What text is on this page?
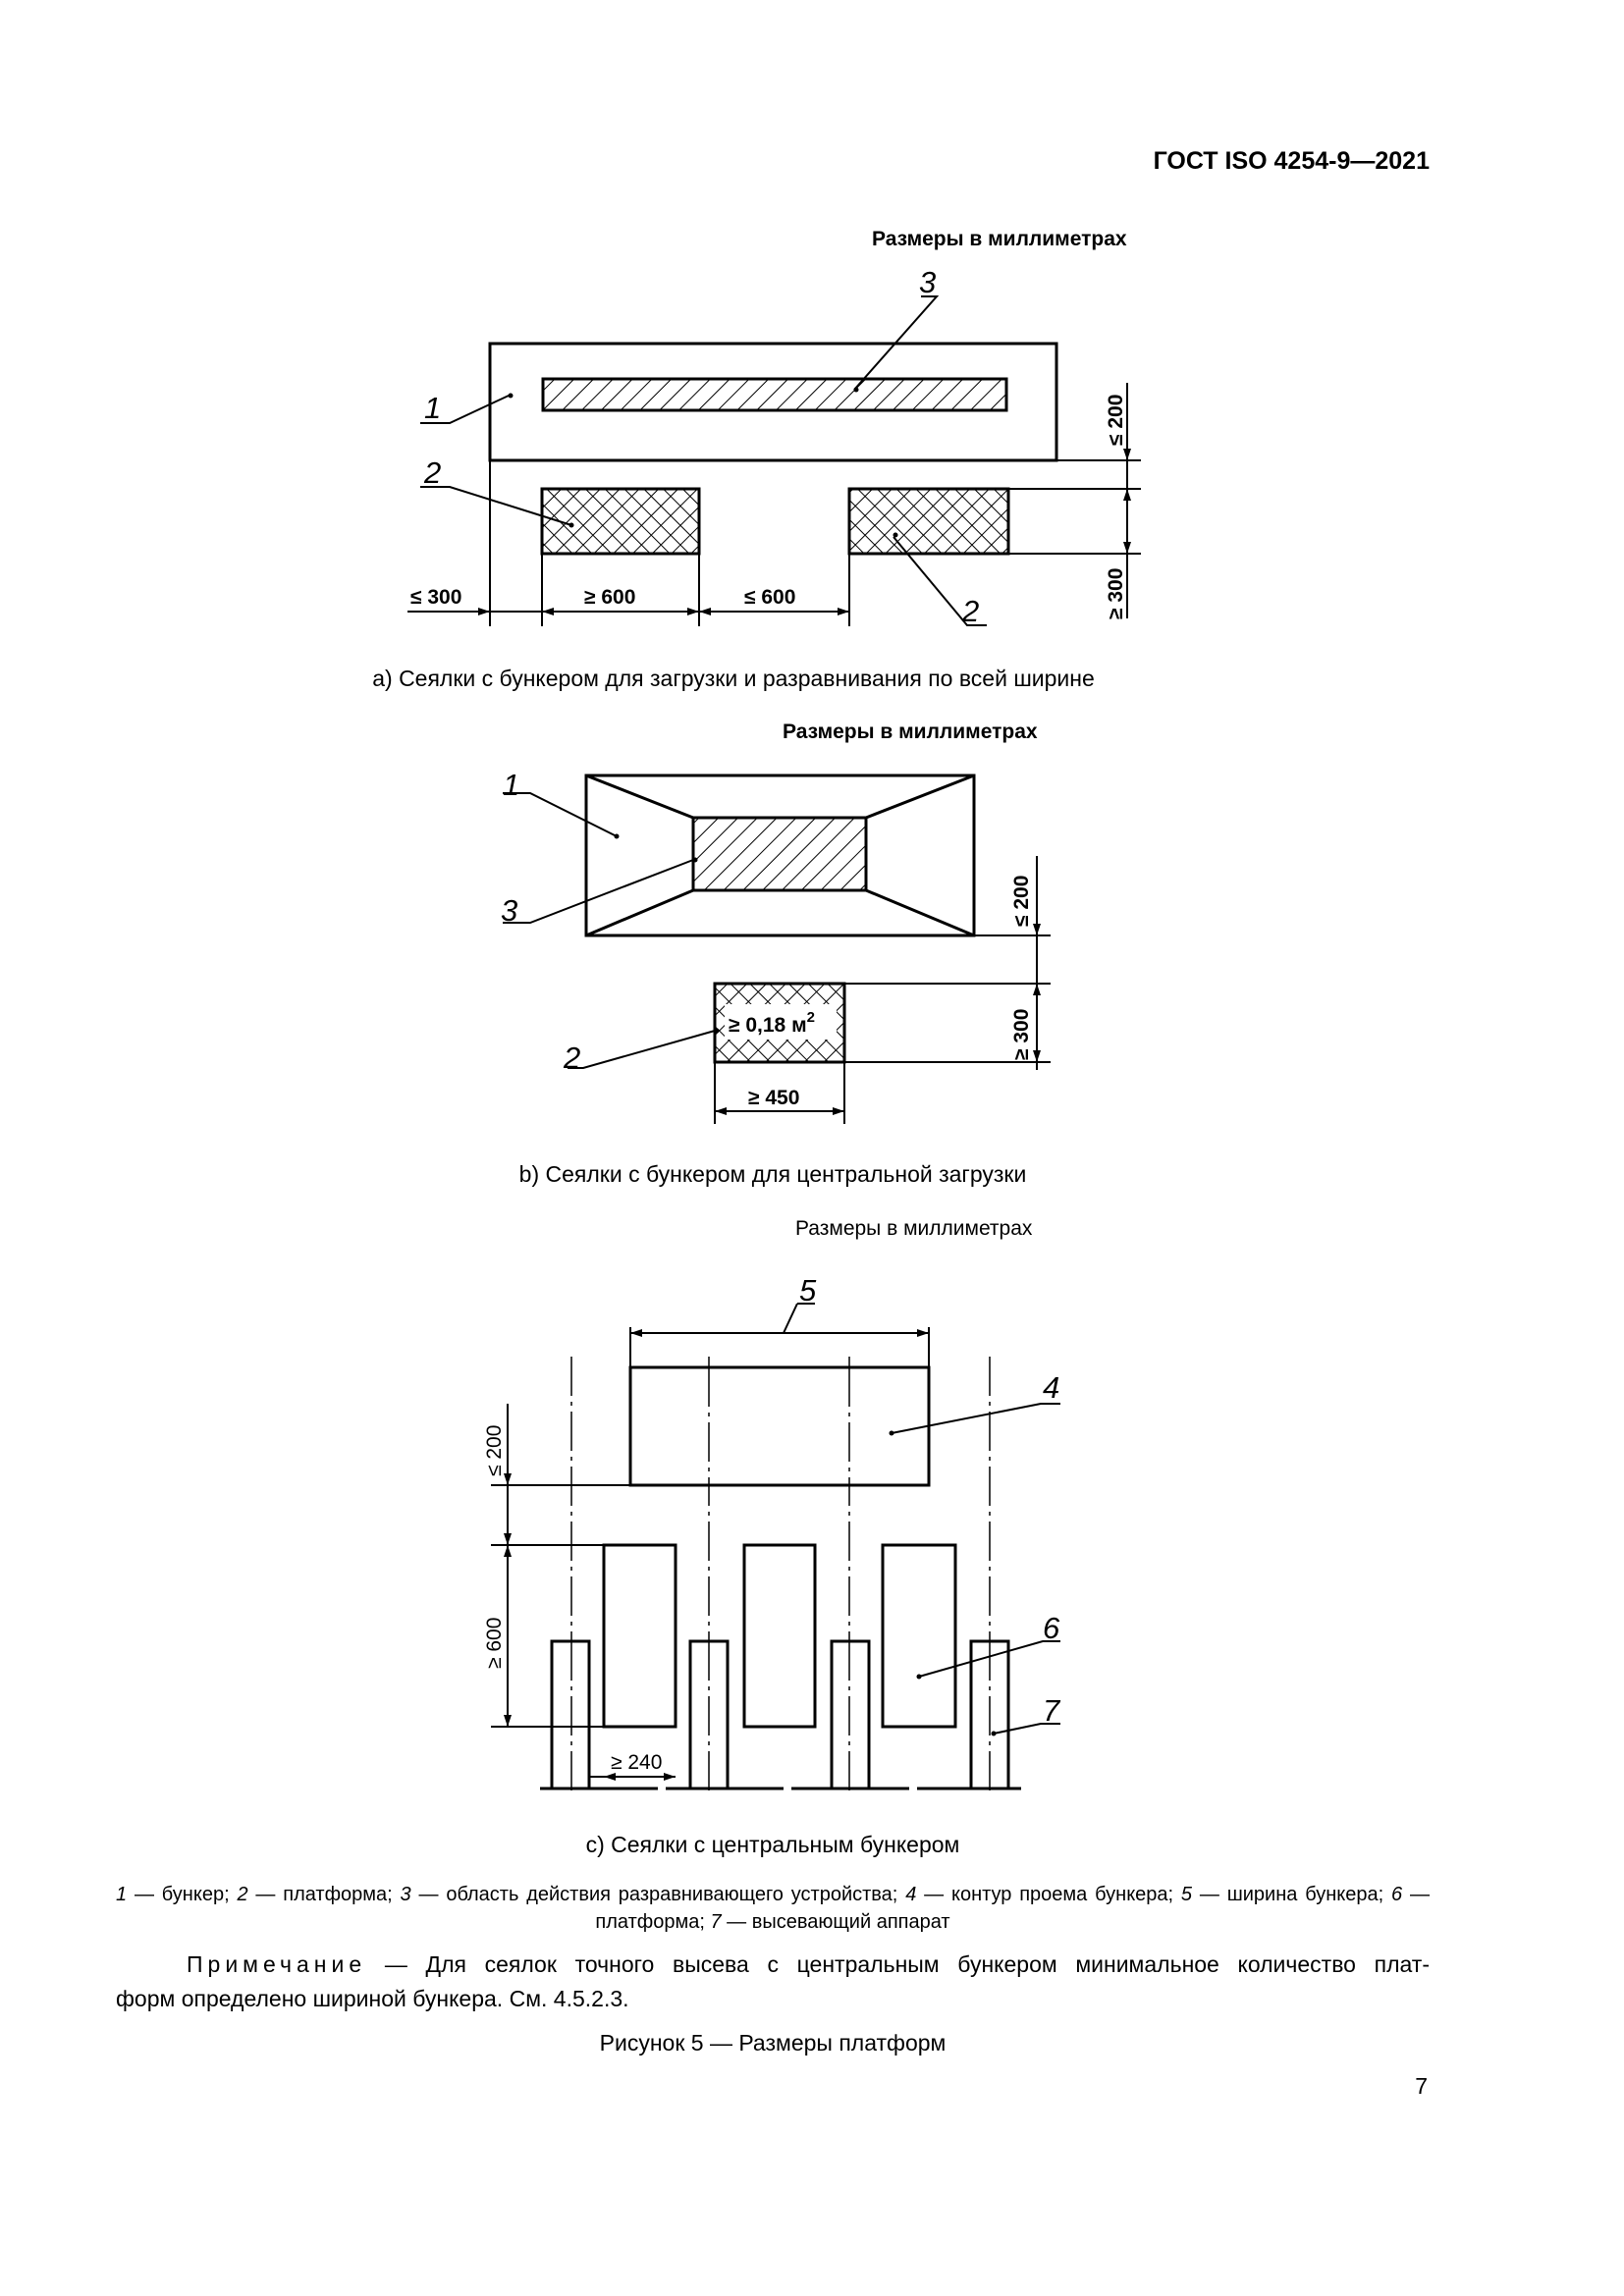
ГОСТ ISO 4254-9—2021
Размеры в миллиметрах
≤ 300	≥ 600	≤ 600
≤ 200
≥ 300
1
2
3
2
≤ 200
≥ 300
≥ 450
≥ 0,18 $м^2$
1
3
2
а) Сеялки с бункером для загрузки и разравнивания по всей ширине
Размеры в миллиметрах
b) Сеялки с бункером для центральной загрузки
Размеры в миллиметрах
5
≤ 200
≥ 600
≥ 240
4
6
7
c) Сеялки с центральным бункером
1 — бункер; 2 — платформа; 3 — область действия разравнивающего устройства; 4 — контур проема бункера; 5 — ширина бункера; 6 — платформа; 7 — высевающий аппарат
Примечание — Для сеялок точного высева с центральным бункером минимальное количество плат-
форм определено шириной бункера. См. 4.5.2.3.
Рисунок 5 — Размеры платформ
7
